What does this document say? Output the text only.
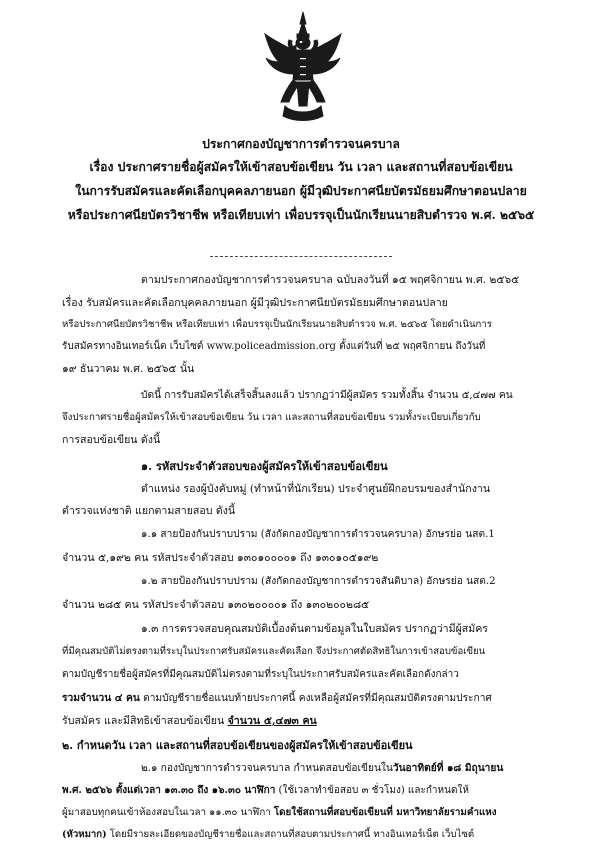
ประกาศกองบัญชาการตำรวจนครบาล
เรื่อง ประกาศรายชื่อผู้สมัครให้เข้าสอบข้อเขียน วัน เวลา และสถานที่สอบข้อเขียน
ในการรับสมัครและคัดเลือกบุคคลภายนอก ผู้มีวุฒิประกาศนียบัตรมัธยมศึกษาตอนปลาย
หรือประกาศนียบัตรวิชาชีพ หรือเทียบเท่า เพื่อบรรจุเป็นนักเรียนนายสิบตำรวจ พ.ศ. ๒๕๖๕
ตามประกาศกองบัญชาการตำรวจนครบาล ฉบับลงวันที่ ๑๕ พฤศจิกายน พ.ศ. ๒๕๖๕
เรื่อง รับสมัครและคัดเลือกบุคคลภายนอก ผู้มีวุฒิประกาศนียบัตรมัธยมศึกษาตอนปลาย
หรือประกาศนียบัตรวิชาชีพ หรือเทียบเท่า เพื่อบรรจุเป็นนักเรียนนายสิบตำรวจ พ.ศ. ๒๕๖๕ โดยดำเนินการ
รับสมัครทางอินเทอร์เน็ต เว็บไซต์ www.policeadmission.org ตั้งแต่วันที่ ๒๕ พฤศจิกายน ถึงวันที่
๑๙ ธันวาคม พ.ศ. ๒๕๖๕ นั้น
บัดนี้ การรับสมัครได้เสร็จสิ้นลงแล้ว ปรากฏว่ามีผู้สมัคร รวมทั้งสิ้น จำนวน ๕,๔๗๗ คน
จึงประกาศรายชื่อผู้สมัครให้เข้าสอบข้อเขียน วัน เวลา และสถานที่สอบข้อเขียน รวมทั้งระเบียบเกี่ยวกับ
การสอบข้อเขียน ดังนี้
๑. รหัสประจำตัวสอบของผู้สมัครให้เข้าสอบข้อเขียน
ตำแหน่ง รองผู้บังคับหมู่ (ทำหน้าที่นักเรียน) ประจำศูนย์ฝึกอบรมของสำนักงาน
ตำรวจแห่งชาติ แยกตามสายสอบ ดังนี้
๑.๑ สายป้องกันปราบปราม (สังกัดกองบัญชาการตำรวจนครบาล) อักษรย่อ นสต.1
จำนวน ๕,๑๙๒ คน รหัสประจำตัวสอบ ๑๓๐๑๐๐๐๐๑ ถึง ๑๓๐๑๐๕๑๙๒
๑.๒ สายป้องกันปราบปราม (สังกัดกองบัญชาการตำรวจสันติบาล) อักษรย่อ นสต.2
จำนวน ๒๘๕ คน รหัสประจำตัวสอบ ๑๓๐๒๐๐๐๐๑ ถึง ๑๓๐๒๐๐๒๘๕
๑.๓ การตรวจสอบคุณสมบัติเบื้องต้นตามข้อมูลในใบสมัคร ปรากฏว่ามีผู้สมัคร
ที่มีคุณสมบัติไม่ตรงตามที่ระบุในประกาศรับสมัครและคัดเลือก จึงประกาศตัดสิทธิในการเข้าสอบข้อเขียน
ตามบัญชีรายชื่อผู้สมัครที่มีคุณสมบัติไม่ตรงตามที่ระบุในประกาศรับสมัครและคัดเลือกดังกล่าว
รวมจำนวน ๔ คน ตามบัญชีรายชื่อแนบท้ายประกาศนี้ คงเหลือผู้สมัครที่มีคุณสมบัติตรงตามประกาศ
รับสมัคร และมีสิทธิเข้าสอบข้อเขียน จำนวน ๕,๔๗๓ คน
๒. กำหนดวัน เวลา และสถานที่สอบข้อเขียนของผู้สมัครให้เข้าสอบข้อเขียน
๒.๑ กองบัญชาการตำรวจนครบาล กำหนดสอบข้อเขียนในวันอาทิตย์ที่ ๑๘ มิถุนายน
พ.ศ. ๒๕๖๖ ตั้งแต่เวลา ๑๓.๓๐ ถึง ๑๖.๓๐ นาฬิกา (ใช้เวลาทำข้อสอบ ๓ ชั่วโมง) และกำหนดให้
ผู้มาสอบทุกคนเข้าห้องสอบในเวลา ๑๑.๓๐ นาฬิกา โดยใช้สถานที่สอบข้อเขียนที่ มหาวิทยาลัยรามคำแหง
(หัวหมาก) โดยมีรายละเอียดของบัญชีรายชื่อและสถานที่สอบตามประกาศนี้ ทางอินเทอร์เน็ต เว็บไซต์
